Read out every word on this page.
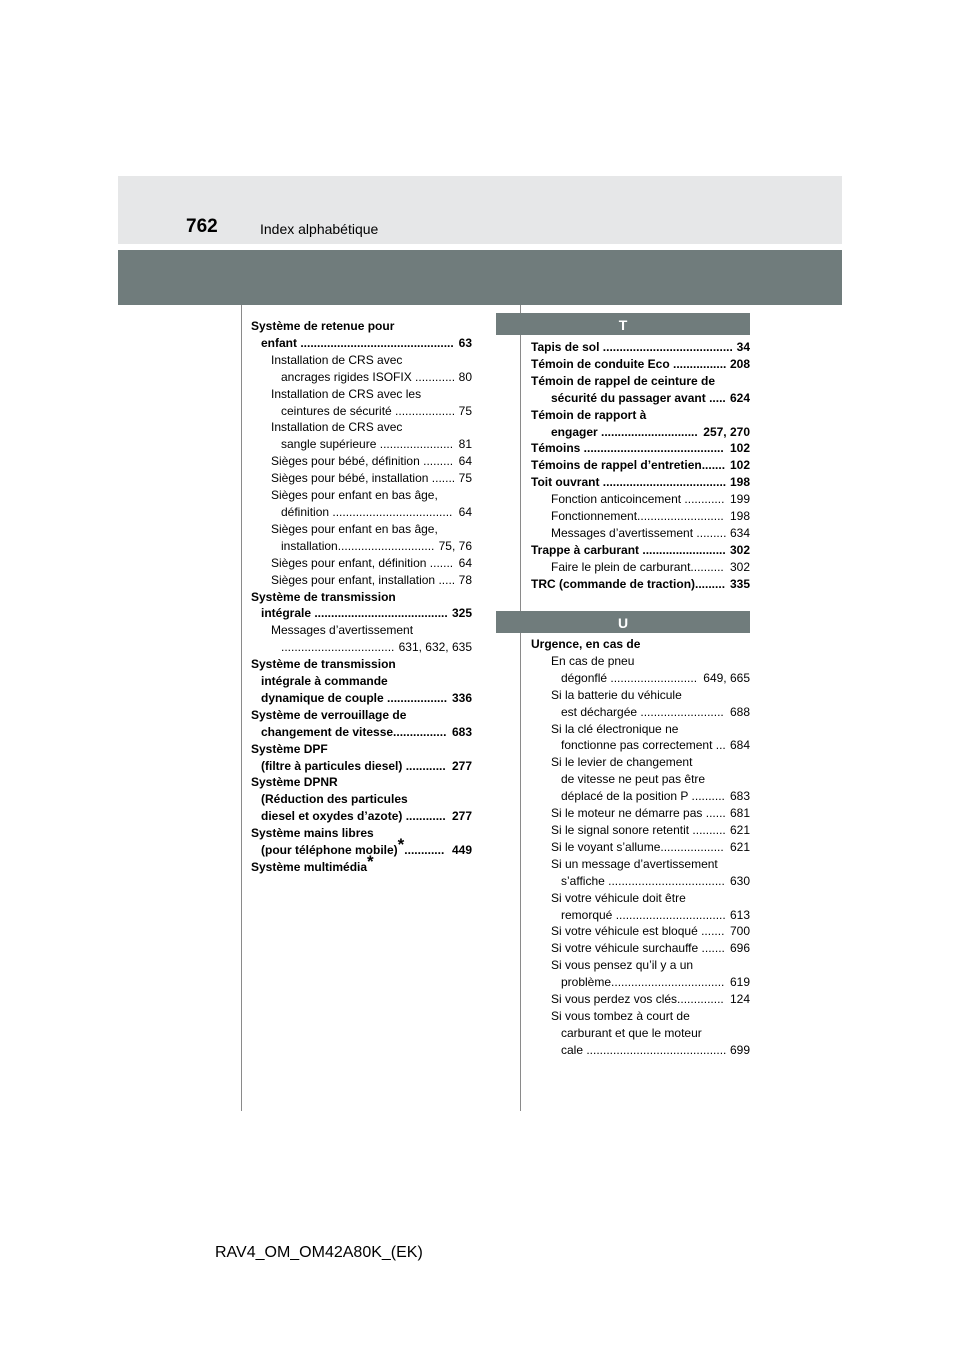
762	Index alphabétique
Système de retenue pour
enfant .............................................. 63
Installation de CRS avec
ancrages rigides ISOFIX ............ 80
Installation de CRS avec les
ceintures de sécurité .................. 75
Installation de CRS avec
sangle supérieure ...................... 81
Sièges pour bébé, définition ......... 64
Sièges pour bébé, installation ....... 75
Sièges pour enfant en bas âge,
définition .................................... 64
Sièges pour enfant en bas âge,
installation............................. 75, 76
Sièges pour enfant, définition ....... 64
Sièges pour enfant, installation ..... 78
Système de transmission
intégrale ........................................ 325
Messages d’avertissement
.................................. 631, 632, 635
Système de transmission
intégrale à commande
dynamique de couple .................. 336
Système de verrouillage de
changement de vitesse................ 683
Système DPF
(filtre à particules diesel) ............ 277
Système DPNR
(Réduction des particules
diesel et oxydes d’azote) ............ 277
Système mains libres
(pour téléphone mobile)*............ 449
Système multimédia*
T
Tapis de sol ....................................... 34
Témoin de conduite Eco ................ 208
Témoin de rappel de ceinture de
sécurité du passager avant ..... 624
Témoin de rapport à
engager ............................. 257, 270
Témoins .......................................... 102
Témoins de rappel d’entretien....... 102
Toit ouvrant ..................................... 198
Fonction anticoincement ............ 199
Fonctionnement.......................... 198
Messages d’avertissement ......... 634
Trappe à carburant ......................... 302
Faire le plein de carburant.......... 302
TRC (commande de traction)......... 335
U
Urgence, en cas de
En cas de pneu
dégonflé .......................... 649, 665
Si la batterie du véhicule
est déchargée ......................... 688
Si la clé électronique ne
fonctionne pas correctement ... 684
Si le levier de changement
de vitesse ne peut pas être
déplacé de la position P .......... 683
Si le moteur ne démarre pas ...... 681
Si le signal sonore retentit .......... 621
Si le voyant s’allume................... 621
Si un message d’avertissement
s’affiche ................................... 630
Si votre véhicule doit être
remorqué ................................. 613
Si votre véhicule est bloqué ....... 700
Si votre véhicule surchauffe ....... 696
Si vous pensez qu’il y a un
problème.................................. 619
Si vous perdez vos clés.............. 124
Si vous tombez à court de
carburant et que le moteur
cale .......................................... 699
RAV4_OM_OM42A80K_(EK)
